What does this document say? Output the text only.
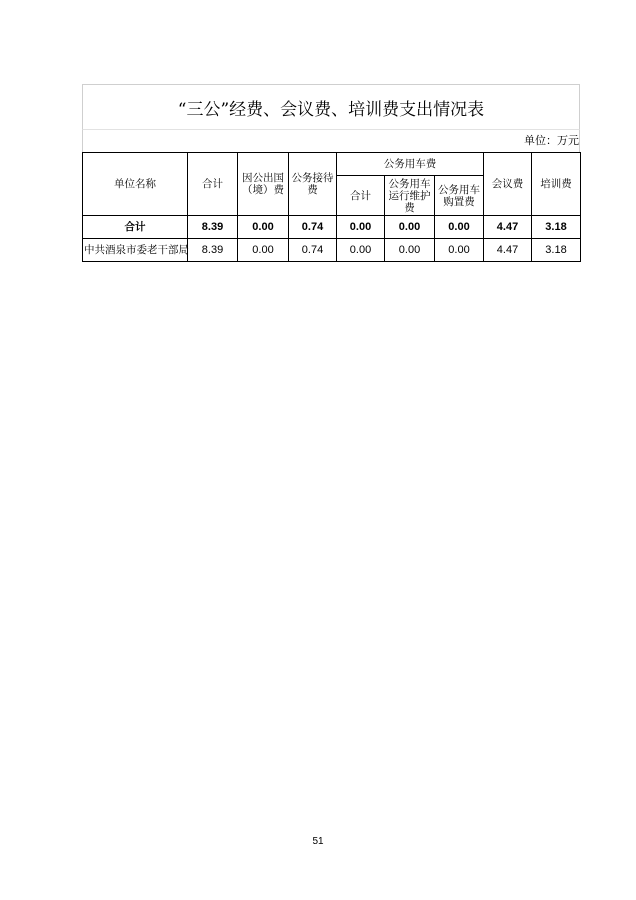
“三公”经费、会议费、培训费支出情况表
单位：万元
单位名称	合计	因公出国（境）费	公务接待费	公务用车费			会议费	培训费
				合计	公务用车运行维护费	公务用车购置费		
合计	8.39	0.00	0.74	0.00	0.00	0.00	4.47	3.18
中共酒泉市委老干部局	8.39	0.00	0.74	0.00	0.00	0.00	4.47	3.18
51
